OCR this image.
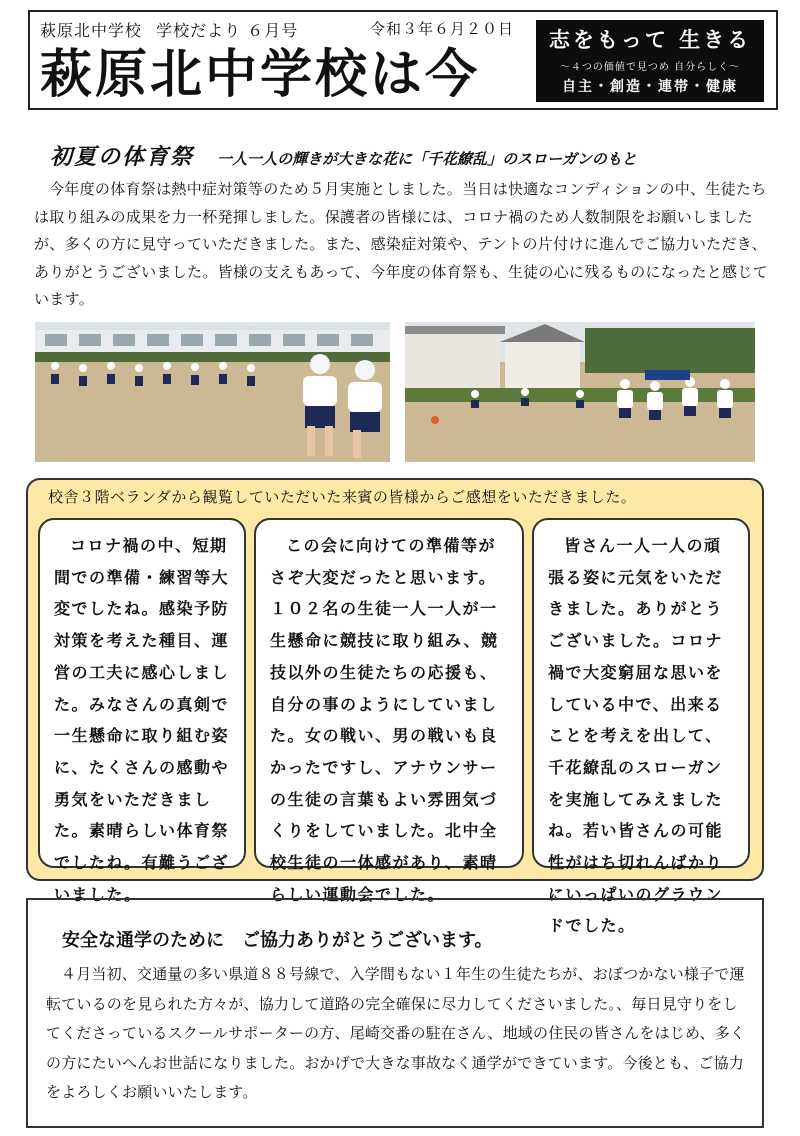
萩原北中学校 学校だより ６月号	令和３年６月２０日
萩原北中学校は今
志をもって 生きる
～４つの価値で見つめ 自分らしく～
自主・創造・連帯・健康
初夏の体育祭 一人一人の輝きが大きな花に「千花繚乱」のスローガンのもと
今年度の体育祭は熱中症対策等のため５月実施としました。当日は快適なコンディションの中、生徒たちは取り組みの成果を力一杯発揮しました。保護者の皆様には、コロナ禍のため人数制限をお願いしましたが、多くの方に見守っていただきました。また、感染症対策や、テントの片付けに進んでご協力いただき、ありがとうございました。皆様の支えもあって、今年度の体育祭も、生徒の心に残るものになったと感じています。
校舎３階ベランダから観覧していただいた来賓の皆様からご感想をいただきました。
コロナ禍の中、短期間での準備・練習等大変でしたね。感染予防対策を考えた種目、運営の工夫に感心しました。みなさんの真剣で一生懸命に取り組む姿に、たくさんの感動や勇気をいただきました。素晴らしい体育祭でしたね。有難うございました。
この会に向けての準備等がさぞ大変だったと思います。１０２名の生徒一人一人が一生懸命に競技に取り組み、競技以外の生徒たちの応援も、自分の事のようにしていました。女の戦い、男の戦いも良かったですし、アナウンサーの生徒の言葉もよい雰囲気づくりをしていました。北中全校生徒の一体感があり、素晴らしい運動会でした。
皆さん一人一人の頑張る姿に元気をいただきました。ありがとうございました。コロナ禍で大変窮屈な思いをしている中で、出来ることを考えを出して、千花繚乱のスローガンを実施してみえましたね。若い皆さんの可能性がはち切れんばかりにいっぱいのグラウンドでした。
安全な通学のために　ご協力ありがとうございます。
４月当初、交通量の多い県道８８号線で、入学間もない１年生の生徒たちが、おぼつかない様子で運転ているのを見られた方々が、協力して道路の完全確保に尽力してくださいました。、毎日見守りをしてくださっているスクールサポーターの方、尾崎交番の駐在さん、地域の住民の皆さんをはじめ、多くの方にたいへんお世話になりました。おかげで大きな事故なく通学ができています。今後とも、ご協力をよろしくお願いいたします。
